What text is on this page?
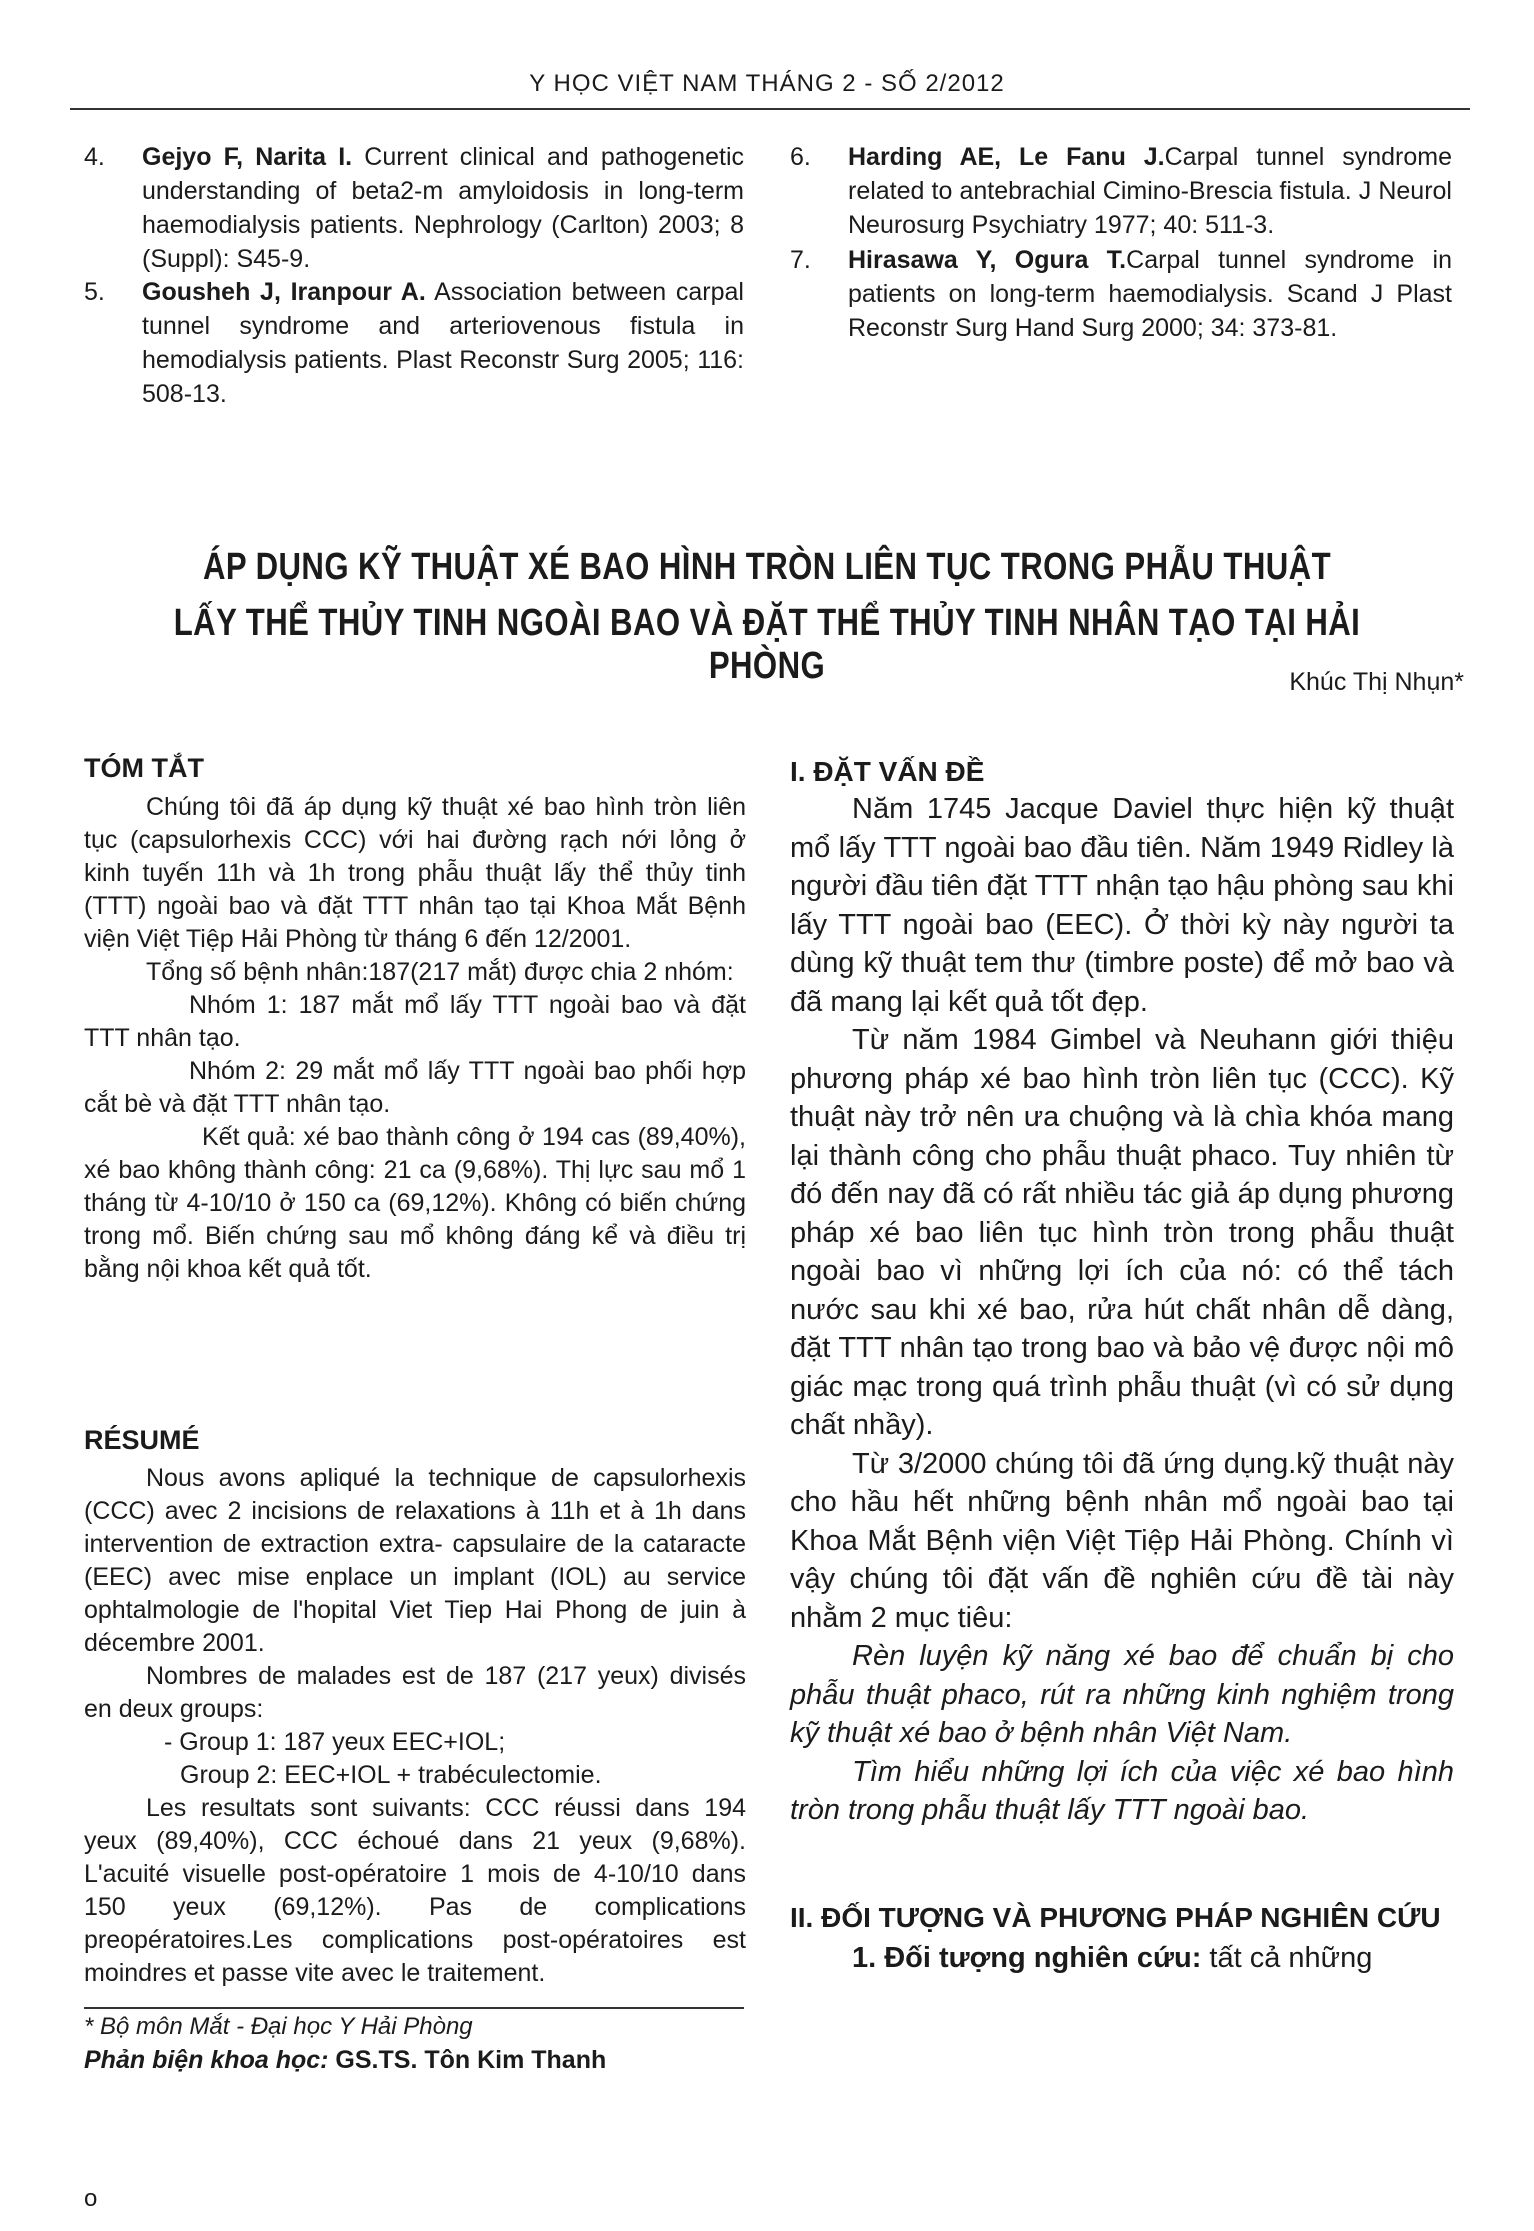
Y HỌC VIỆT NAM THÁNG 2 - SỐ 2/2012
4. Gejyo F, Narita I. Current clinical and pathogenetic understanding of beta2-m amyloidosis in long-term haemodialysis patients. Nephrology (Carlton) 2003; 8 (Suppl): S45-9.
5. Gousheh J, Iranpour A. Association between carpal tunnel syndrome and arteriovenous fistula in hemodialysis patients. Plast Reconstr Surg 2005; 116: 508-13.
6. Harding AE, Le Fanu J.Carpal tunnel syndrome related to antebrachial Cimino-Brescia fistula. J Neurol Neurosurg Psychiatry 1977; 40: 511-3.
7. Hirasawa Y, Ogura T.Carpal tunnel syndrome in patients on long-term haemodialysis. Scand J Plast Reconstr Surg Hand Surg 2000; 34: 373-81.
ÁP DỤNG KỸ THUẬT XÉ BAO HÌNH TRÒN LIÊN TỤC TRONG PHẪU THUẬT
LẤY THỂ THỦY TINH NGOÀI BAO VÀ ĐẶT THỂ THỦY TINH NHÂN TẠO TẠI HẢI PHÒNG	Khúc Thị Nhụn*
TÓM TẮT

Chúng tôi đã áp dụng kỹ thuật xé bao hình tròn liên tục (capsulorhexis CCC) với hai đường rạch nới lỏng ở kinh tuyến 11h và 1h trong phẫu thuật lấy thể thủy tinh (TTT) ngoài bao và đặt TTT nhân tạo tại Khoa Mắt Bệnh viện Việt Tiệp Hải Phòng từ tháng 6 đến 12/2001.

Tổng số bệnh nhân:187(217 mắt) được chia 2 nhóm:

Nhóm 1: 187 mắt mổ lấy TTT ngoài bao và đặt TTT nhân tạo.

Nhóm 2: 29 mắt mổ lấy TTT ngoài bao phối hợp cắt bè và đặt TTT nhân tạo.

Kết quả: xé bao thành công ở 194 cas (89,40%), xé bao không thành công: 21 ca (9,68%). Thị lực sau mổ 1 tháng từ 4-10/10 ở 150 ca (69,12%). Không có biến chứng trong mổ. Biến chứng sau mổ không đáng kể và điều trị bằng nội khoa kết quả tốt.

RÉSUMÉ

Nous avons apliqué la technique de capsulorhexis (CCC) avec 2 incisions de relaxations à 11h et à 1h dans intervention de extraction extra- capsulaire de la cataracte (EEC) avec mise enplace un implant (IOL) au service ophtalmologie de l'hopital Viet Tiep Hai Phong de juin à décembre 2001.

Nombres de malades est de 187 (217 yeux) divisés en deux groups:

- Group 1: 187 yeux EEC+IOL;

Group 2: EEC+IOL + trabéculectomie.

Les resultats sont suivants: CCC réussi dans 194 yeux (89,40%), CCC échoué dans 21 yeux (9,68%). L'acuité visuelle post-opératoire 1 mois de 4-10/10 dans 150 yeux (69,12%). Pas de complications preopératoires.Les complications post-opératoires est moindres et passe vite avec le traitement.

* Bộ môn Mắt - Đại học Y Hải Phòng
Phản biện khoa học: GS.TS. Tôn Kim Thanh
o
I. ĐẶT VẤN ĐỀ

Năm 1745 Jacque Daviel thực hiện kỹ thuật mổ lấy TTT ngoài bao đầu tiên. Năm 1949 Ridley là người đầu tiên đặt TTT nhận tạo hậu phòng sau khi lấy TTT ngoài bao (EEC). Ở thời kỳ này người ta dùng kỹ thuật tem thư (timbre poste) để mở bao và đã mang lại kết quả tốt đẹp.

Từ năm 1984 Gimbel và Neuhann giới thiệu phương pháp xé bao hình tròn liên tục (CCC). Kỹ thuật này trở nên ưa chuộng và là chìa khóa mang lại thành công cho phẫu thuật phaco. Tuy nhiên từ đó đến nay đã có rất nhiều tác giả áp dụng phương pháp xé bao liên tục hình tròn trong phẫu thuật ngoài bao vì những lợi ích của nó: có thể tách nước sau khi xé bao, rửa hút chất nhân dễ dàng, đặt TTT nhân tạo trong bao và bảo vệ được nội mô giác mạc trong quá trình phẫu thuật (vì có sử dụng chất nhầy).

Từ 3/2000 chúng tôi đã ứng dụng.kỹ thuật này cho hầu hết những bệnh nhân mổ ngoài bao tại Khoa Mắt Bệnh viện Việt Tiệp Hải Phòng. Chính vì vậy chúng tôi đặt vấn đề nghiên cứu đề tài này nhằm 2 mục tiêu:

Rèn luyện kỹ năng xé bao để chuẩn bị cho phẫu thuật phaco, rút ra những kinh nghiệm trong kỹ thuật xé bao ở bệnh nhân Việt Nam.

Tìm hiểu những lợi ích của việc xé bao hình tròn trong phẫu thuật lấy TTT ngoài bao.

II. ĐỐI TƯỢNG VÀ PHƯƠNG PHÁP NGHIÊN CỨU

1. Đối tượng nghiên cứu: tất cả những
